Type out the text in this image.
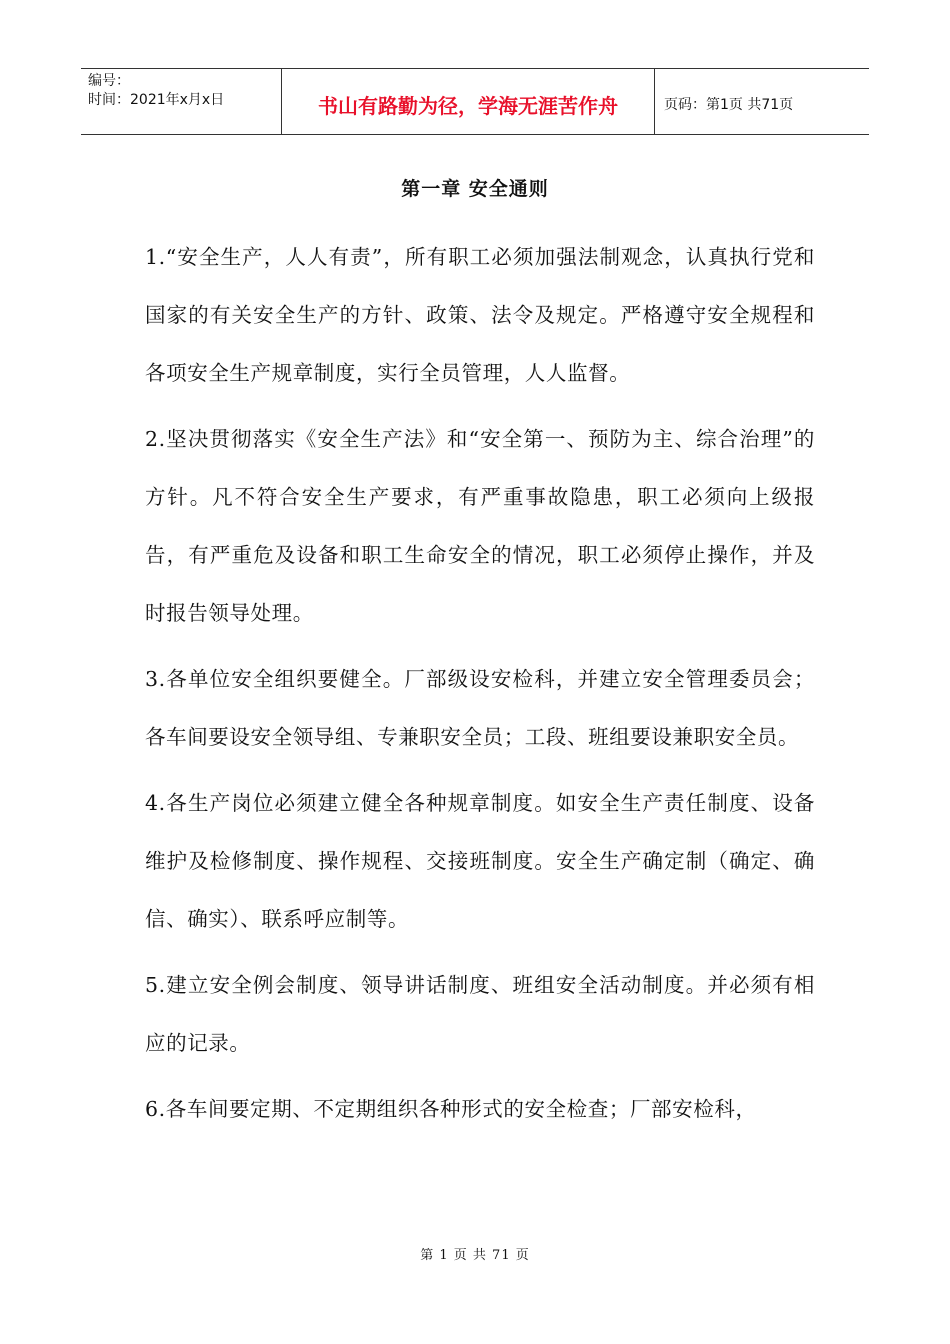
编号：
时间：2021年x月x日	书山有路勤为径，学海无涯苦作舟	页码：第1页 共71页
第一章 安全通则

1.“安全生产，人人有责”，所有职工必须加强法制观念，认真执行党和国家的有关安全生产的方针、政策、法令及规定。严格遵守安全规程和各项安全生产规章制度，实行全员管理，人人监督。

2.坚决贯彻落实《安全生产法》和“安全第一、预防为主、综合治理”的方针。凡不符合安全生产要求，有严重事故隐患，职工必须向上级报告，有严重危及设备和职工生命安全的情况，职工必须停止操作，并及时报告领导处理。

3.各单位安全组织要健全。厂部级设安检科，并建立安全管理委员会；各车间要设安全领导组、专兼职安全员；工段、班组要设兼职安全员。

4.各生产岗位必须建立健全各种规章制度。如安全生产责任制度、设备维护及检修制度、操作规程、交接班制度。安全生产确定制（确定、确信、确实）、联系呼应制等。

5.建立安全例会制度、领导讲话制度、班组安全活动制度。并必须有相应的记录。

6.各车间要定期、不定期组织各种形式的安全检查；厂部安检科，

第 1 页 共 71 页
